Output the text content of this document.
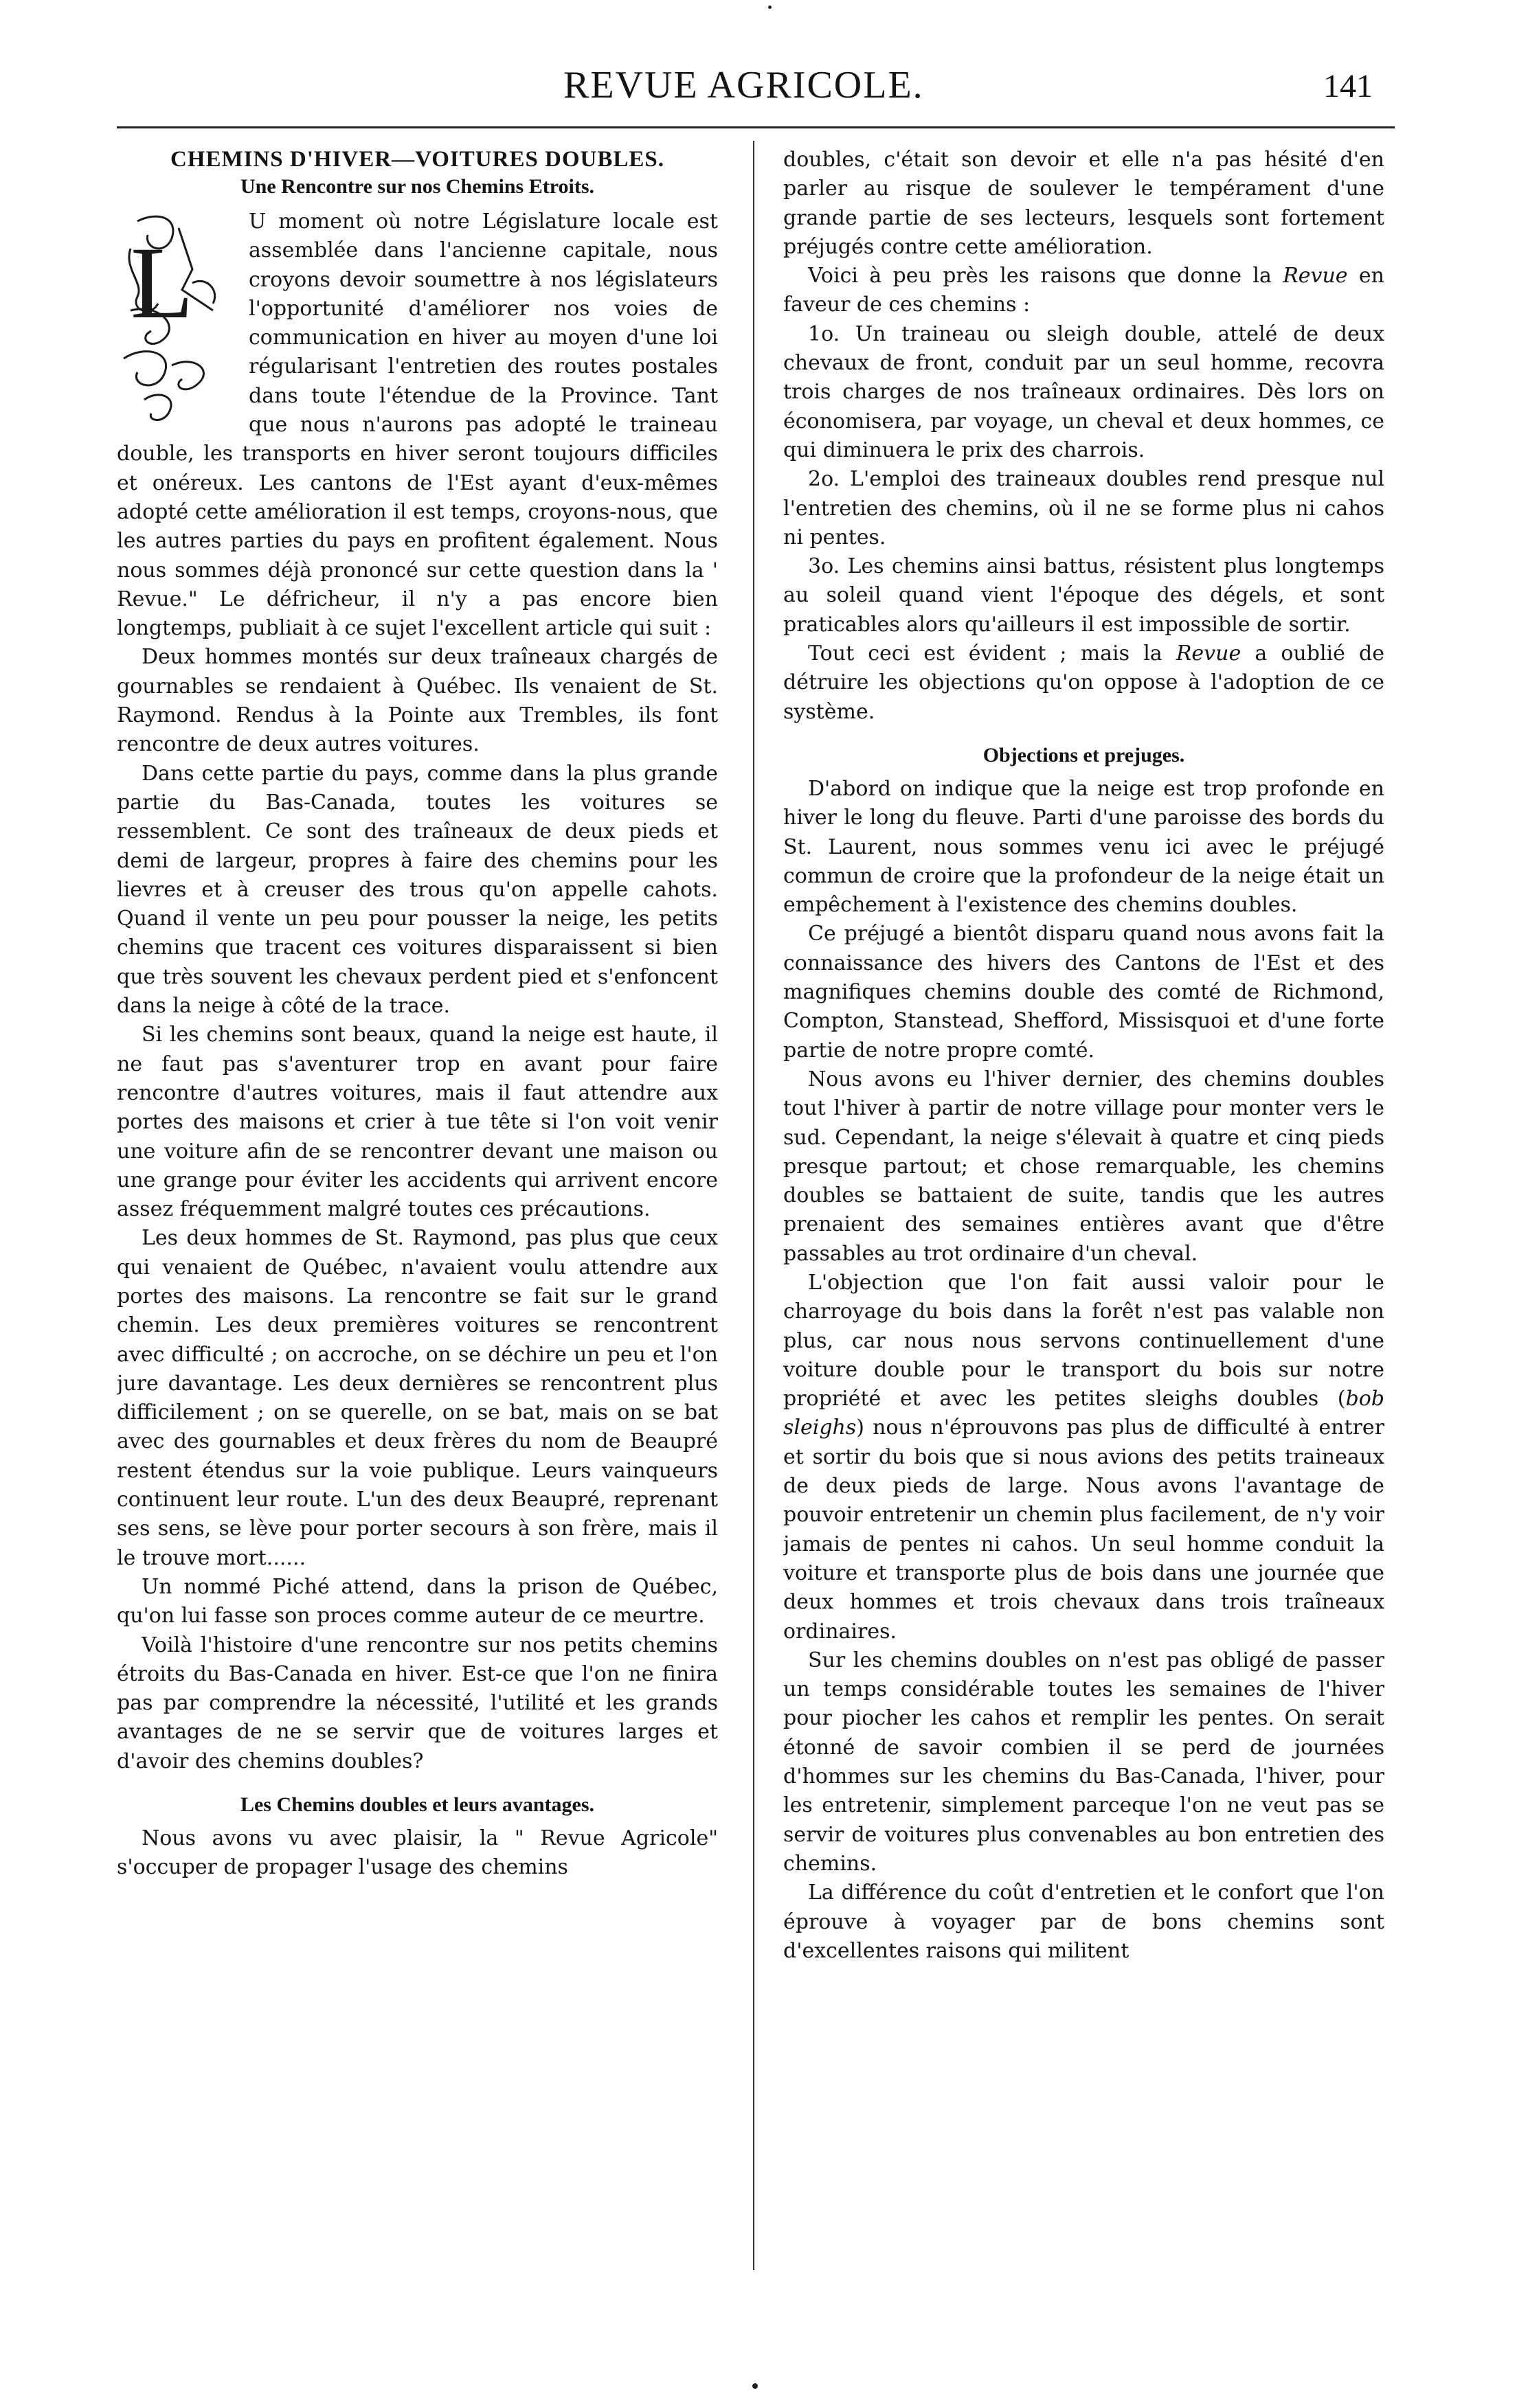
REVUE AGRICOLE.	141
CHEMINS D'HIVER—VOITURES DOUBLES.
Une Rencontre sur nos Chemins Etroits.
L

U moment où notre Législature locale est assemblée dans l'ancienne capitale, nous croyons devoir soumettre à nos législateurs l'opportunité d'améliorer nos voies de communication en hiver au moyen d'une loi régularisant l'entretien des routes postales dans toute l'étendue de la Province. Tant que nous n'aurons pas adopté le traineau double, les transports en hiver seront toujours difficiles et onéreux. Les cantons de l'Est ayant d'eux-mêmes adopté cette amélioration il est temps, croyons-nous, que les autres parties du pays en profitent également. Nous nous sommes déjà prononcé sur cette question dans la ' Revue." Le défricheur, il n'y a pas encore bien longtemps, publiait à ce sujet l'excellent article qui suit :

Deux hommes montés sur deux traîneaux chargés de gournables se rendaient à Québec. Ils venaient de St. Raymond. Rendus à la Pointe aux Trembles, ils font rencontre de deux autres voitures.

Dans cette partie du pays, comme dans la plus grande partie du Bas-Canada, toutes les voitures se ressemblent. Ce sont des traîneaux de deux pieds et demi de largeur, propres à faire des chemins pour les lievres et à creuser des trous qu'on appelle cahots. Quand il vente un peu pour pousser la neige, les petits chemins que tracent ces voitures disparaissent si bien que très souvent les chevaux perdent pied et s'enfoncent dans la neige à côté de la trace.

Si les chemins sont beaux, quand la neige est haute, il ne faut pas s'aventurer trop en avant pour faire rencontre d'autres voitures, mais il faut attendre aux portes des maisons et crier à tue tête si l'on voit venir une voiture afin de se rencontrer devant une maison ou une grange pour éviter les accidents qui arrivent encore assez fréquemment malgré toutes ces précautions.

Les deux hommes de St. Raymond, pas plus que ceux qui venaient de Québec, n'avaient voulu attendre aux portes des maisons. La rencontre se fait sur le grand chemin. Les deux premières voitures se rencontrent avec difficulté ; on accroche, on se déchire un peu et l'on jure davantage. Les deux dernières se rencontrent plus difficilement ; on se querelle, on se bat, mais on se bat avec des gournables et deux frères du nom de Beaupré restent étendus sur la voie publique. Leurs vainqueurs continuent leur route. L'un des deux Beaupré, reprenant ses sens, se lève pour porter secours à son frère, mais il le trouve mort......

Un nommé Piché attend, dans la prison de Québec, qu'on lui fasse son proces comme auteur de ce meurtre.

Voilà l'histoire d'une rencontre sur nos petits chemins étroits du Bas-Canada en hiver. Est-ce que l'on ne finira pas par comprendre la nécessité, l'utilité et les grands avantages de ne se servir que de voitures larges et d'avoir des chemins doubles?

Les Chemins doubles et leurs avantages.

Nous avons vu avec plaisir, la " Revue Agricole" s'occuper de propager l'usage des chemins

doubles, c'était son devoir et elle n'a pas hésité d'en parler au risque de soulever le tempérament d'une grande partie de ses lecteurs, lesquels sont fortement préjugés contre cette amélioration.

Voici à peu près les raisons que donne la Revue en faveur de ces chemins :

1o. Un traineau ou sleigh double, attelé de deux chevaux de front, conduit par un seul homme, recovra trois charges de nos traîneaux ordinaires. Dès lors on économisera, par voyage, un cheval et deux hommes, ce qui diminuera le prix des charrois.

2o. L'emploi des traineaux doubles rend presque nul l'entretien des chemins, où il ne se forme plus ni cahos ni pentes.

3o. Les chemins ainsi battus, résistent plus longtemps au soleil quand vient l'époque des dégels, et sont praticables alors qu'ailleurs il est impossible de sortir.

Tout ceci est évident ; mais la Revue a oublié de détruire les objections qu'on oppose à l'adoption de ce système.

Objections et prejuges.

D'abord on indique que la neige est trop profonde en hiver le long du fleuve. Parti d'une paroisse des bords du St. Laurent, nous sommes venu ici avec le préjugé commun de croire que la profondeur de la neige était un empêchement à l'existence des chemins doubles.

Ce préjugé a bientôt disparu quand nous avons fait la connaissance des hivers des Cantons de l'Est et des magnifiques chemins double des comté de Richmond, Compton, Stanstead, Shefford, Missisquoi et d'une forte partie de notre propre comté.

Nous avons eu l'hiver dernier, des chemins doubles tout l'hiver à partir de notre village pour monter vers le sud. Cependant, la neige s'élevait à quatre et cinq pieds presque partout; et chose remarquable, les chemins doubles se battaient de suite, tandis que les autres prenaient des semaines entières avant que d'être passables au trot ordinaire d'un cheval.

L'objection que l'on fait aussi valoir pour le charroyage du bois dans la forêt n'est pas valable non plus, car nous nous servons continuellement d'une voiture double pour le transport du bois sur notre propriété et avec les petites sleighs doubles (bob sleighs) nous n'éprouvons pas plus de difficulté à entrer et sortir du bois que si nous avions des petits traineaux de deux pieds de large. Nous avons l'avantage de pouvoir entretenir un chemin plus facilement, de n'y voir jamais de pentes ni cahos. Un seul homme conduit la voiture et transporte plus de bois dans une journée que deux hommes et trois chevaux dans trois traîneaux ordinaires.

Sur les chemins doubles on n'est pas obligé de passer un temps considérable toutes les semaines de l'hiver pour piocher les cahos et remplir les pentes. On serait étonné de savoir combien il se perd de journées d'hommes sur les chemins du Bas-Canada, l'hiver, pour les entretenir, simplement parceque l'on ne veut pas se servir de voitures plus convenables au bon entretien des chemins.

La différence du coût d'entretien et le confort que l'on éprouve à voyager par de bons chemins sont d'excellentes raisons qui militent
